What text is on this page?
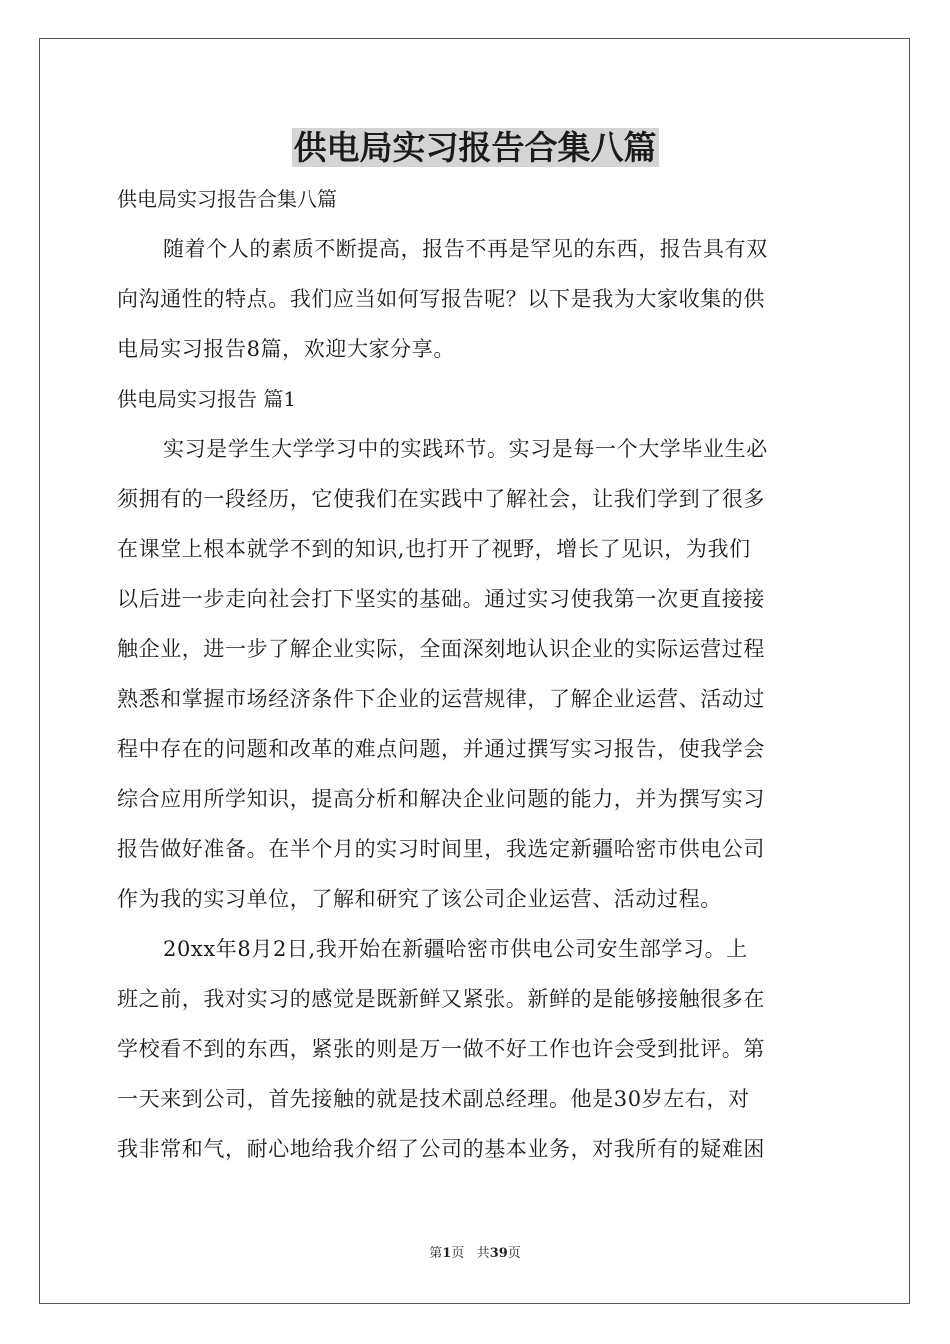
供电局实习报告合集八篇

供电局实习报告合集八篇

随着个人的素质不断提高，报告不再是罕见的东西，报告具有双

向沟通性的特点。我们应当如何写报告呢？以下是我为大家收集的供

电局实习报告8篇，欢迎大家分享。

供电局实习报告 篇1

实习是学生大学学习中的实践环节。实习是每一个大学毕业生必

须拥有的一段经历，它使我们在实践中了解社会，让我们学到了很多

在课堂上根本就学不到的知识,也打开了视野，增长了见识，为我们

以后进一步走向社会打下坚实的基础。通过实习使我第一次更直接接

触企业，进一步了解企业实际，全面深刻地认识企业的实际运营过程

熟悉和掌握市场经济条件下企业的运营规律，了解企业运营、活动过

程中存在的问题和改革的难点问题，并通过撰写实习报告，使我学会

综合应用所学知识，提高分析和解决企业问题的能力，并为撰写实习

报告做好准备。在半个月的实习时间里，我选定新疆哈密市供电公司

作为我的实习单位，了解和研究了该公司企业运营、活动过程。

20xx年8月2日,我开始在新疆哈密市供电公司安生部学习。上

班之前，我对实习的感觉是既新鲜又紧张。新鲜的是能够接触很多在

学校看不到的东西，紧张的则是万一做不好工作也许会受到批评。第

一天来到公司，首先接触的就是技术副总经理。他是30岁左右，对

我非常和气，耐心地给我介绍了公司的基本业务，对我所有的疑难困

第1页 共39页
